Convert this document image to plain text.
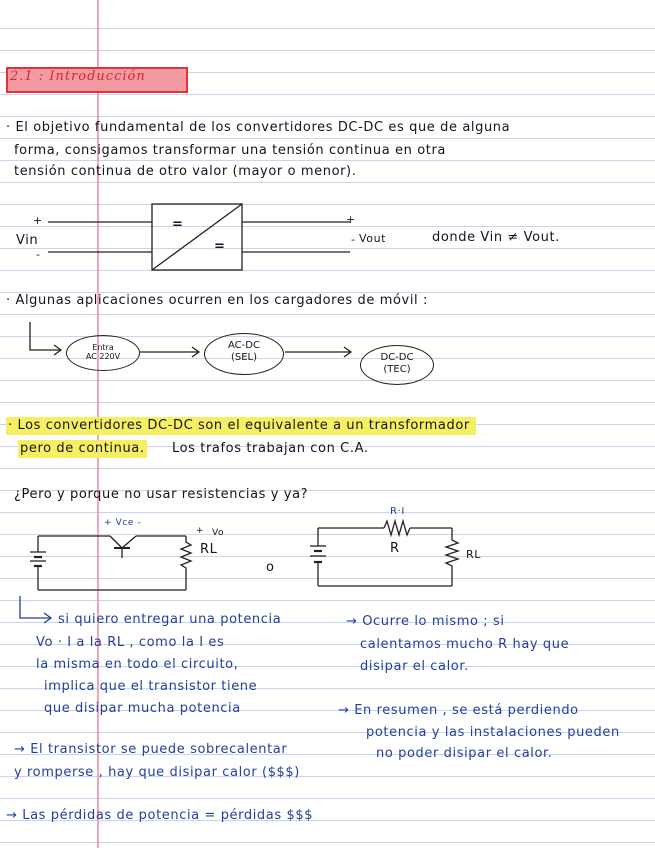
2.1 : Introducción
· El objetivo fundamental de los convertidores DC-DC es que de alguna
forma, consigamos transformar una tensión continua en otra
tensión continua de otro valor (mayor o menor).
+
Vin
-
=
=
+
- Vout	donde Vin ≠ Vout.
· Algunas aplicaciones ocurren en los cargadores de móvil :
Entra
AC 220V
AC-DC
(SEL)	DC-DC
(TEC)
· Los convertidores DC-DC son el equivalente a un transformador
pero de continua. Los trafos trabajan con C.A.
¿Pero y porque no usar resistencias y ya?
+ Vce -
+ Vo
RL
o
R·I
R	RL
si quiero entregar una potencia
Vo · I a la RL , como la I es
la misma en todo el circuito,
implica que el transistor tiene
que disipar mucha potencia
→ El transistor se puede sobrecalentar
y romperse , hay que disipar calor ($$$)
→ Ocurre lo mismo ; si
calentamos mucho R hay que
disipar el calor.
→ En resumen , se está perdiendo
potencia y las instalaciones pueden
no poder disipar el calor.
→ Las pérdidas de potencia = pérdidas $$$
